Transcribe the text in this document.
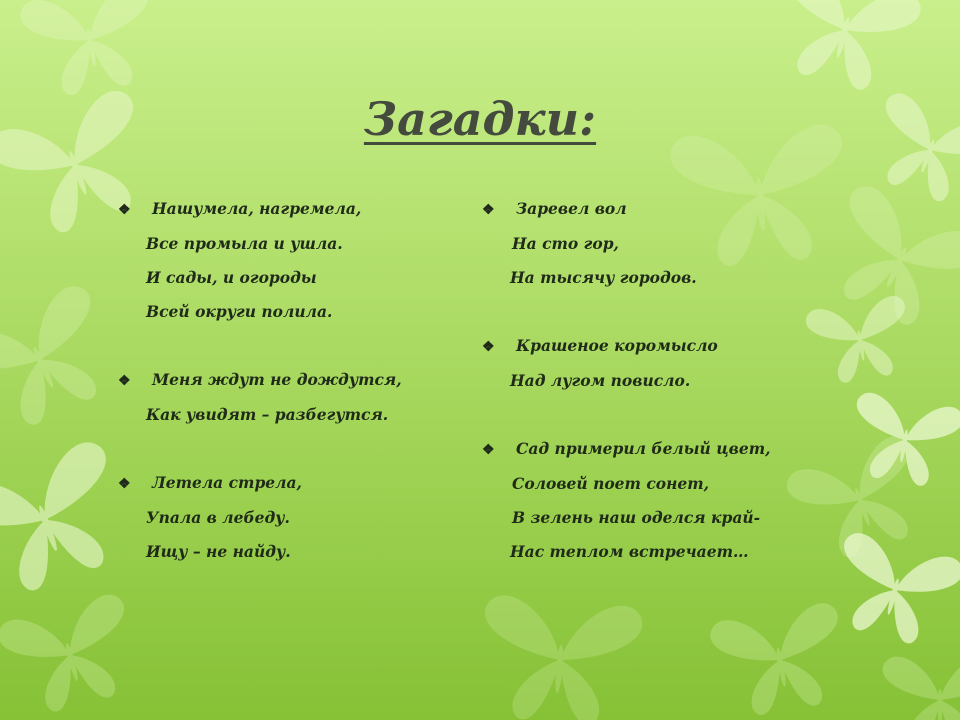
Загадки:
❖ Нашумела, нагремела,
Все промыла и ушла.
И сады, и огороды
Всей округи полила.
❖ Меня ждут не дождутся,
Как увидят – разбегутся.
❖ Летела стрела,
Упала в лебеду.
Ищу – не найду.
❖ Заревел вол
На сто гор,
На тысячу городов.
❖ Крашеное коромысло
Над лугом повисло.
❖ Сад примерил белый цвет,
Соловей поет сонет,
В зелень наш оделся край-
Нас теплом встречает…
